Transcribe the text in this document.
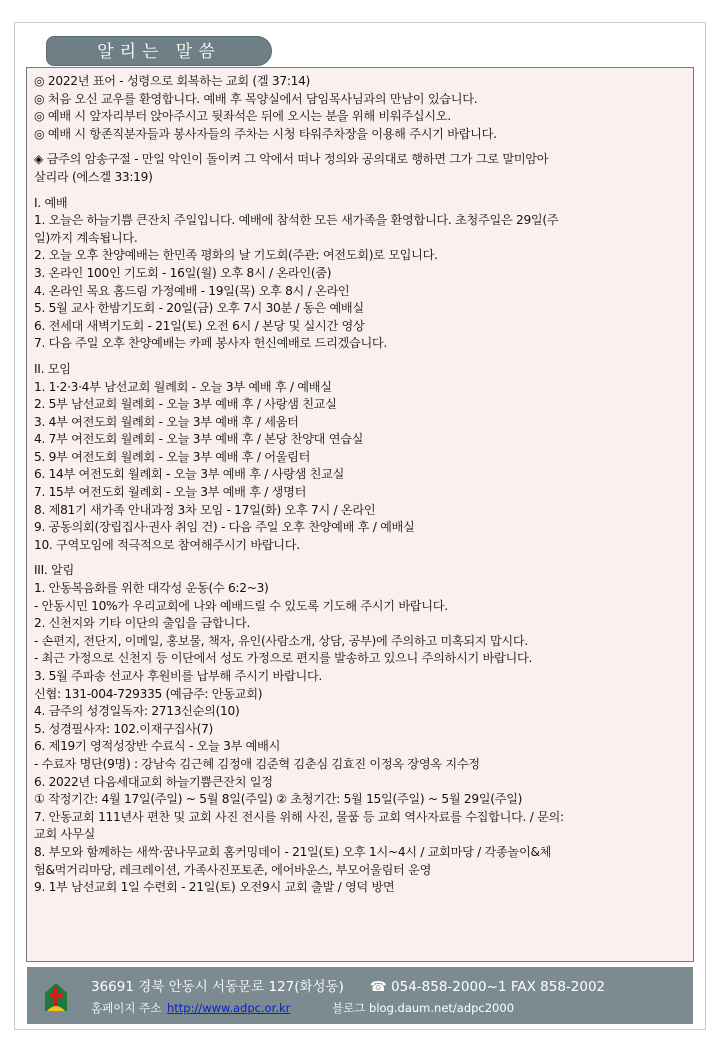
알리는 말씀

◎ 2022년 표어 - 성령으로 회복하는 교회 (겔 37:14)

◎ 처음 오신 교우를 환영합니다. 예배 후 목양실에서 담임목사님과의 만남이 있습니다.

◎ 예배 시 앞자리부터 앉아주시고 뒷좌석은 뒤에 오시는 분을 위해 비워주십시오.

◎ 예배 시 항존직분자들과 봉사자들의 주차는 시청 타워주차장을 이용해 주시기 바랍니다.

◈ 금주의 암송구절 - 만일 악인이 돌이켜 그 악에서 떠나 정의와 공의대로 행하면 그가 그로 말미암아

살리라 (에스겔 33:19)

I. 예배

1. 오늘은 하늘기쁨 큰잔치 주일입니다. 예배에 참석한 모든 새가족을 환영합니다. 초청주일은 29일(주

일)까지 계속됩니다.

2. 오늘 오후 찬양예배는 한민족 평화의 날 기도회(주관: 여전도회)로 모입니다.

3. 온라인 100인 기도회 - 16일(월) 오후 8시 / 온라인(줌)

4. 온라인 목요 홈드림 가정예배 - 19일(목) 오후 8시 / 온라인

5. 5월 교사 한밤기도회 - 20일(금) 오후 7시 30분 / 동은 예배실

6. 전세대 새벽기도회 - 21일(토) 오전 6시 / 본당 및 실시간 영상

7. 다음 주일 오후 찬양예배는 카페 봉사자 헌신예배로 드리겠습니다.

II. 모임

1. 1·2·3·4부 남선교회 월례회 - 오늘 3부 예배 후 / 예배실

2. 5부 남선교회 월례회 - 오늘 3부 예배 후 / 사랑샘 친교실

3. 4부 여전도회 월례회 - 오늘 3부 예배 후 / 세움터

4. 7부 여전도회 월례회 - 오늘 3부 예배 후 / 본당 찬양대 연습실

5. 9부 여전도회 월례회 - 오늘 3부 예배 후 / 어울림터

6. 14부 여전도회 월례회 - 오늘 3부 예배 후 / 사랑샘 친교실

7. 15부 여전도회 월례회 - 오늘 3부 예배 후 / 생명터

8. 제81기 새가족 안내과정 3차 모임 - 17일(화) 오후 7시 / 온라인

9. 공동의회(장립집사·권사 취임 건) - 다음 주일 오후 찬양예배 후 / 예배실

10. 구역모임에 적극적으로 참여해주시기 바랍니다.

III. 알림

1. 안동복음화를 위한 대각성 운동(수 6:2~3)

- 안동시민 10%가 우리교회에 나와 예배드릴 수 있도록 기도해 주시기 바랍니다.

2. 신천지와 기타 이단의 출입을 금합니다.

- 손편지, 전단지, 이메일, 홍보물, 책자, 유인(사람소개, 상담, 공부)에 주의하고 미혹되지 맙시다.

- 최근 가정으로 신천지 등 이단에서 성도 가정으로 편지를 발송하고 있으니 주의하시기 바랍니다.

3. 5월 주파송 선교사 후원비를 납부해 주시기 바랍니다.

신협: 131-004-729335 (예금주: 안동교회)

4. 금주의 성경일독자: 2713신순의(10)

5. 성경필사자: 102.이재구집사(7)

6. 제19기 영적성장반 수료식 - 오늘 3부 예배시

- 수료자 명단(9명) : 강남숙 김근혜 김정애 김준혁 김춘심 김효진 이정옥 장영옥 지수정

6. 2022년 다음세대교회 하늘기쁨큰잔치 일정

① 작정기간: 4월 17일(주일) ~ 5월 8일(주일) ② 초청기간: 5월 15일(주일) ~ 5월 29일(주일)

7. 안동교회 111년사 편찬 및 교회 사진 전시를 위해 사진, 물품 등 교회 역사자료를 수집합니다. / 문의:

교회 사무실

8. 부모와 함께하는 새싹·꿈나무교회 홈커밍데이 - 21일(토) 오후 1시~4시 / 교회마당 / 각종놀이&체

험&먹거리마당, 레크레이션, 가족사진포토존, 에어바운스, 부모어울림터 운영

9. 1부 남선교회 1일 수련회 - 21일(토) 오전9시 교회 출발 / 영덕 방면

36691 경북 안동시 서동문로 127(화성동) ☎ 054-858-2000~1 FAX 858-2002
홈페이지 주소 http://www.adpc.or.kr	블로그 blog.daum.net/adpc2000
